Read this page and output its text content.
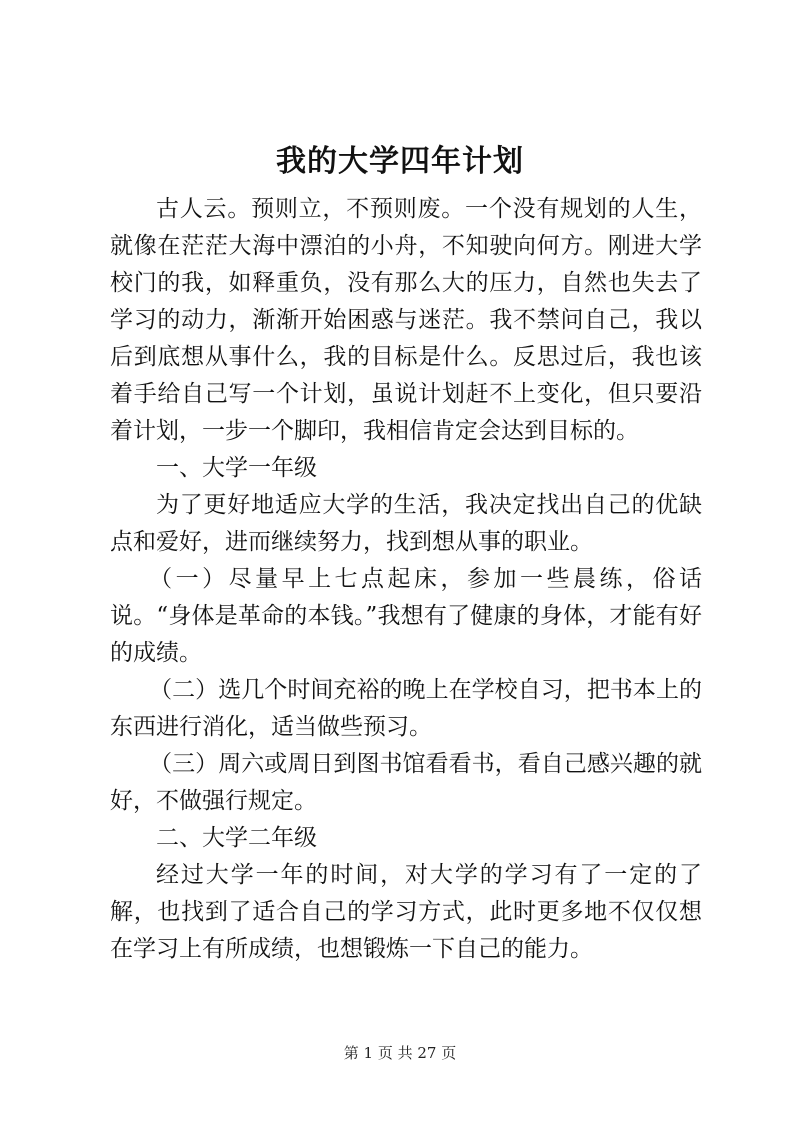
我的大学四年计划

古人云。预则立，不预则废。一个没有规划的人生，就像在茫茫大海中漂泊的小舟，不知驶向何方。刚进大学校门的我，如释重负，没有那么大的压力，自然也失去了学习的动力，渐渐开始困惑与迷茫。我不禁问自己，我以后到底想从事什么，我的目标是什么。反思过后，我也该着手给自己写一个计划，虽说计划赶不上变化，但只要沿着计划，一步一个脚印，我相信肯定会达到目标的。

一、大学一年级

为了更好地适应大学的生活，我决定找出自己的优缺点和爱好，进而继续努力，找到想从事的职业。

（一）尽量早上七点起床，参加一些晨练，俗话说。“身体是革命的本钱。”我想有了健康的身体，才能有好的成绩。

（二）选几个时间充裕的晚上在学校自习，把书本上的东西进行消化，适当做些预习。

（三）周六或周日到图书馆看看书，看自己感兴趣的就好，不做强行规定。

二、大学二年级

经过大学一年的时间，对大学的学习有了一定的了解，也找到了适合自己的学习方式，此时更多地不仅仅想在学习上有所成绩，也想锻炼一下自己的能力。

第 1 页 共 27 页
